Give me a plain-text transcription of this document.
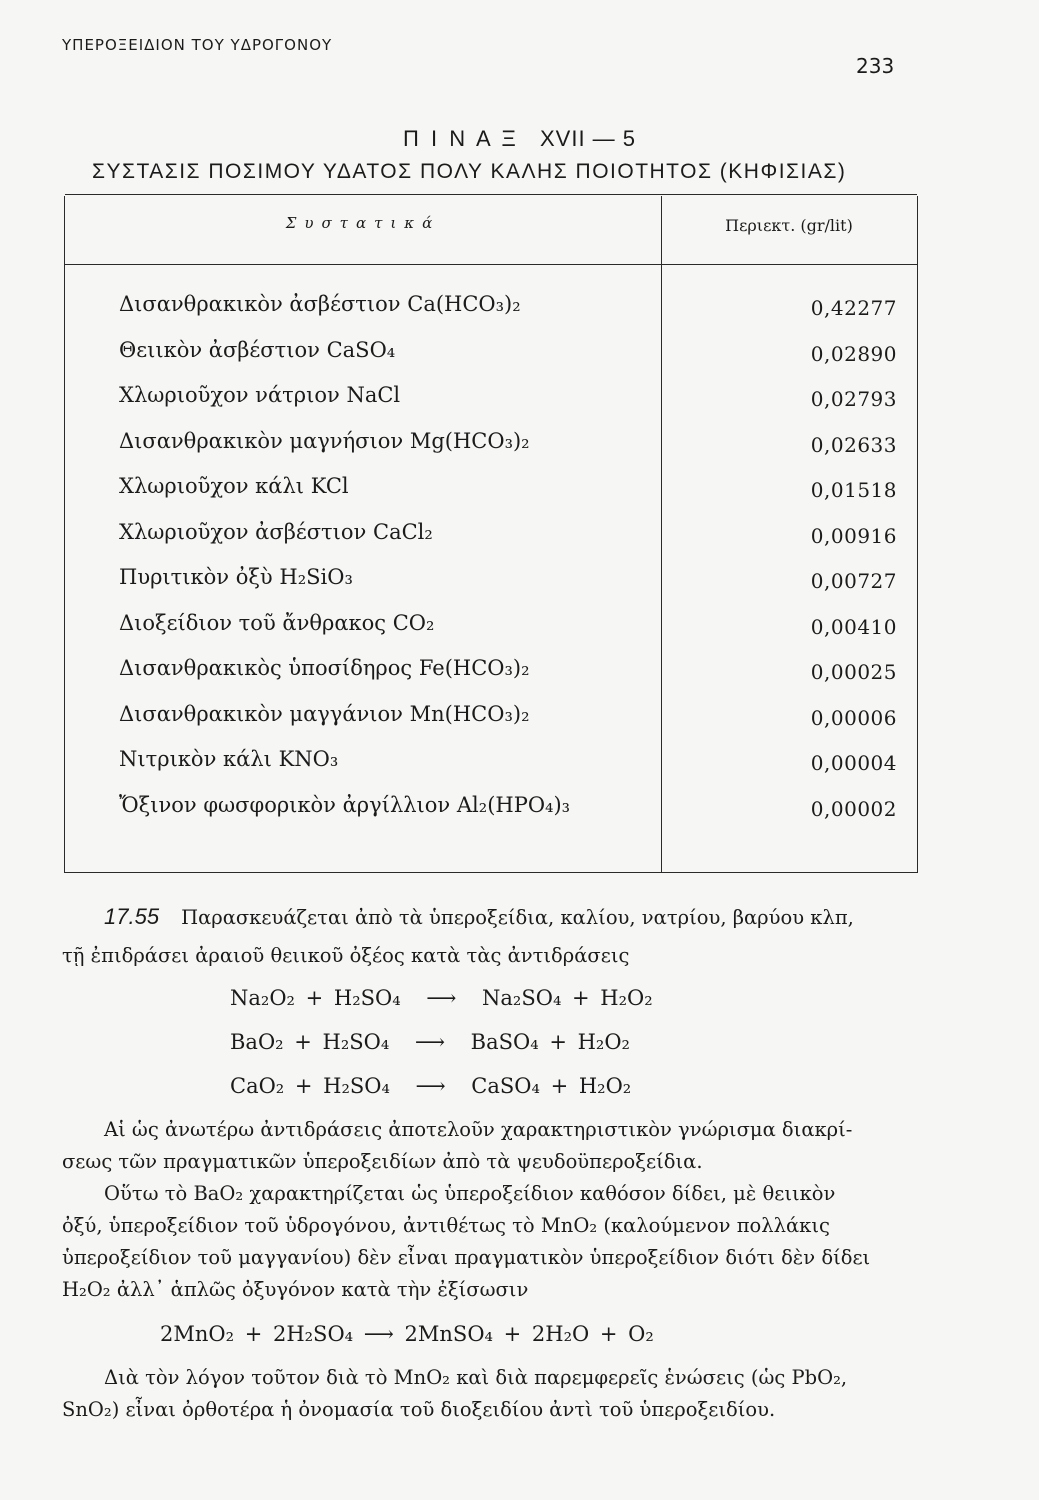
ΥΠΕΡΟΞΕΙΔΙΟΝ ΤΟΥ ΥΔΡΟΓΟΝΟΥ
233
Π Ι Ν Α Ξ XVII — 5
ΣΥΣΤΑΣΙΣ ΠΟΣΙΜΟΥ ΥΔΑΤΟΣ ΠΟΛΥ ΚΑΛΗΣ ΠΟΙΟΤΗΤΟΣ (ΚΗΦΙΣΙΑΣ)
Συστατικά	Περιεκτ. (gr/lit)
Δισανθρακικὸν ἀσβέστιον Ca(HCO₃)₂	0,42277
Θειικὸν ἀσβέστιον CaSO₄	0,02890
Χλωριοῦχον νάτριον NaCl	0,02793
Δισανθρακικὸν μαγνήσιον Mg(HCO₃)₂	0,02633
Χλωριοῦχον κάλι KCl	0,01518
Χλωριοῦχον ἀσβέστιον CaCl₂	0,00916
Πυριτικὸν ὀξὺ H₂SiO₃	0,00727
Διοξείδιον τοῦ ἄνθρακος CO₂	0,00410
Δισανθρακικὸς ὑποσίδηρος Fe(HCO₃)₂	0,00025
Δισανθρακικὸν μαγγάνιον Mn(HCO₃)₂	0,00006
Νιτρικὸν κάλι KNO₃	0,00004
Ὄξινον φωσφορικὸν ἀργίλλιον Al₂(HPO₄)₃	0,00002
17.55 Παρασκευάζεται ἀπὸ τὰ ὑπεροξείδια, καλίου, νατρίου, βαρύου κλπ,
τῇ ἐπιδράσει ἀραιοῦ θειικοῦ ὀξέος κατὰ τὰς ἀντιδράσεις
Na₂O₂ + H₂SO₄ ⟶ Na₂SO₄ + H₂O₂
BaO₂ + H₂SO₄ ⟶ BaSO₄ + H₂O₂
CaO₂ + H₂SO₄ ⟶ CaSO₄ + H₂O₂
Αἱ ὡς ἀνωτέρω ἀντιδράσεις ἀποτελοῦν χαρακτηριστικὸν γνώρισμα διακρί-
σεως τῶν πραγματικῶν ὑπεροξειδίων ἀπὸ τὰ ψευδοϋπεροξείδια.
Οὕτω τὸ BaO₂ χαρακτηρίζεται ὡς ὑπεροξείδιον καθόσον δίδει, μὲ θειικὸν
ὀξύ, ὑπεροξείδιον τοῦ ὑδρογόνου, ἀντιθέτως τὸ MnO₂ (καλούμενον πολλάκις
ὑπεροξείδιον τοῦ μαγγανίου) δὲν εἶναι πραγματικὸν ὑπεροξείδιον διότι δὲν δίδει
H₂O₂ ἀλλ᾿ ἁπλῶς ὀξυγόνον κατὰ τὴν ἐξίσωσιν
2MnO₂ + 2H₂SO₄ ⟶ 2MnSO₄ + 2H₂O + O₂
Διὰ τὸν λόγον τοῦτον διὰ τὸ MnO₂ καὶ διὰ παρεμφερεῖς ἑνώσεις (ὡς PbO₂,
SnO₂) εἶναι ὀρθοτέρα ἡ ὀνομασία τοῦ διοξειδίου ἀντὶ τοῦ ὑπεροξειδίου.
